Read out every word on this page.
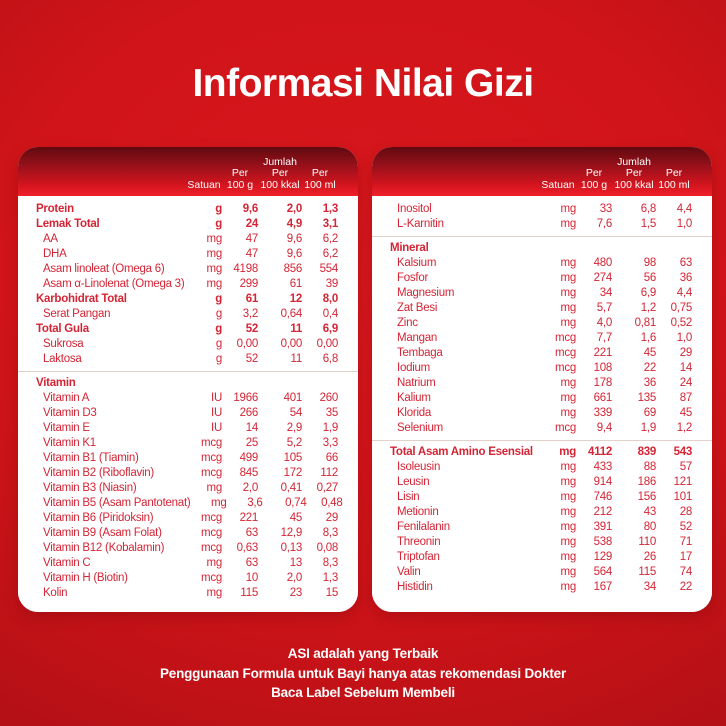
Informasi Nilai Gizi
Satuan
Per
100 g
Jumlah
Per
100 kkal
Per
100 ml
Protein	g	9,6	2,0	1,3
Lemak Total	g	24	4,9	3,1
AA	mg	47	9,6	6,2
DHA	mg	47	9,6	6,2
Asam linoleat (Omega 6)	mg 4198	856	554
Asam α-Linolenat (Omega 3)	mg	299	61	39
Karbohidrat Total	g	61	12	8,0
Serat Pangan	g	3,2	0,64	0,4
Total Gula	g	52	11	6,9
Sukrosa	g	0,00	0,00	0,00
Laktosa	g	52	11	6,8
Vitamin
Vitamin A	IU 1966	401	260
Vitamin D3	IU	266	54	35
Vitamin E	IU	14	2,9	1,9
Vitamin K1	mcg	25	5,2	3,3
Vitamin B1 (Tiamin)	mcg	499	105	66
Vitamin B2 (Riboflavin)	mcg	845	172	112
Vitamin B3 (Niasin)	mg	2,0	0,41	0,27
Vitamin B5 (Asam Pantotenat)	mg	3,6	0,74	0,48
Vitamin B6 (Piridoksin)	mcg	221	45	29
Vitamin B9 (Asam Folat)	mcg	63	12,9	8,3
Vitamin B12 (Kobalamin)	mcg	0,63	0,13	0,08
Vitamin C	mg	63	13	8,3
Vitamin H (Biotin)	mcg	10	2,0	1,3
Kolin	mg	115	23	15
Satuan
Per
100 g
Jumlah
Per
100 kkal
Per
100 ml
Inositol	mg	33	6,8	4,4
L-Karnitin	mg	7,6	1,5	1,0
Mineral
Kalsium	mg	480	98	63
Fosfor	mg	274	56	36
Magnesium	mg	34	6,9	4,4
Zat Besi	mg	5,7	1,2	0,75
Zinc	mg	4,0	0,81	0,52
Mangan	mcg	7,7	1,6	1,0
Tembaga	mcg	221	45	29
Iodium	mcg	108	22	14
Natrium	mg	178	36	24
Kalium	mg	661	135	87
Klorida	mg	339	69	45
Selenium	mcg	9,4	1,9	1,2
Total Asam Amino Esensial	mg	4112	839	543
Isoleusin	mg	433	88	57
Leusin	mg	914	186	121
Lisin	mg	746	156	101
Metionin	mg	212	43	28
Fenilalanin	mg	391	80	52
Threonin	mg	538	110	71
Triptofan	mg	129	26	17
Valin	mg	564	115	74
Histidin	mg	167	34	22
ASI adalah yang Terbaik
Penggunaan Formula untuk Bayi hanya atas rekomendasi Dokter
Baca Label Sebelum Membeli
